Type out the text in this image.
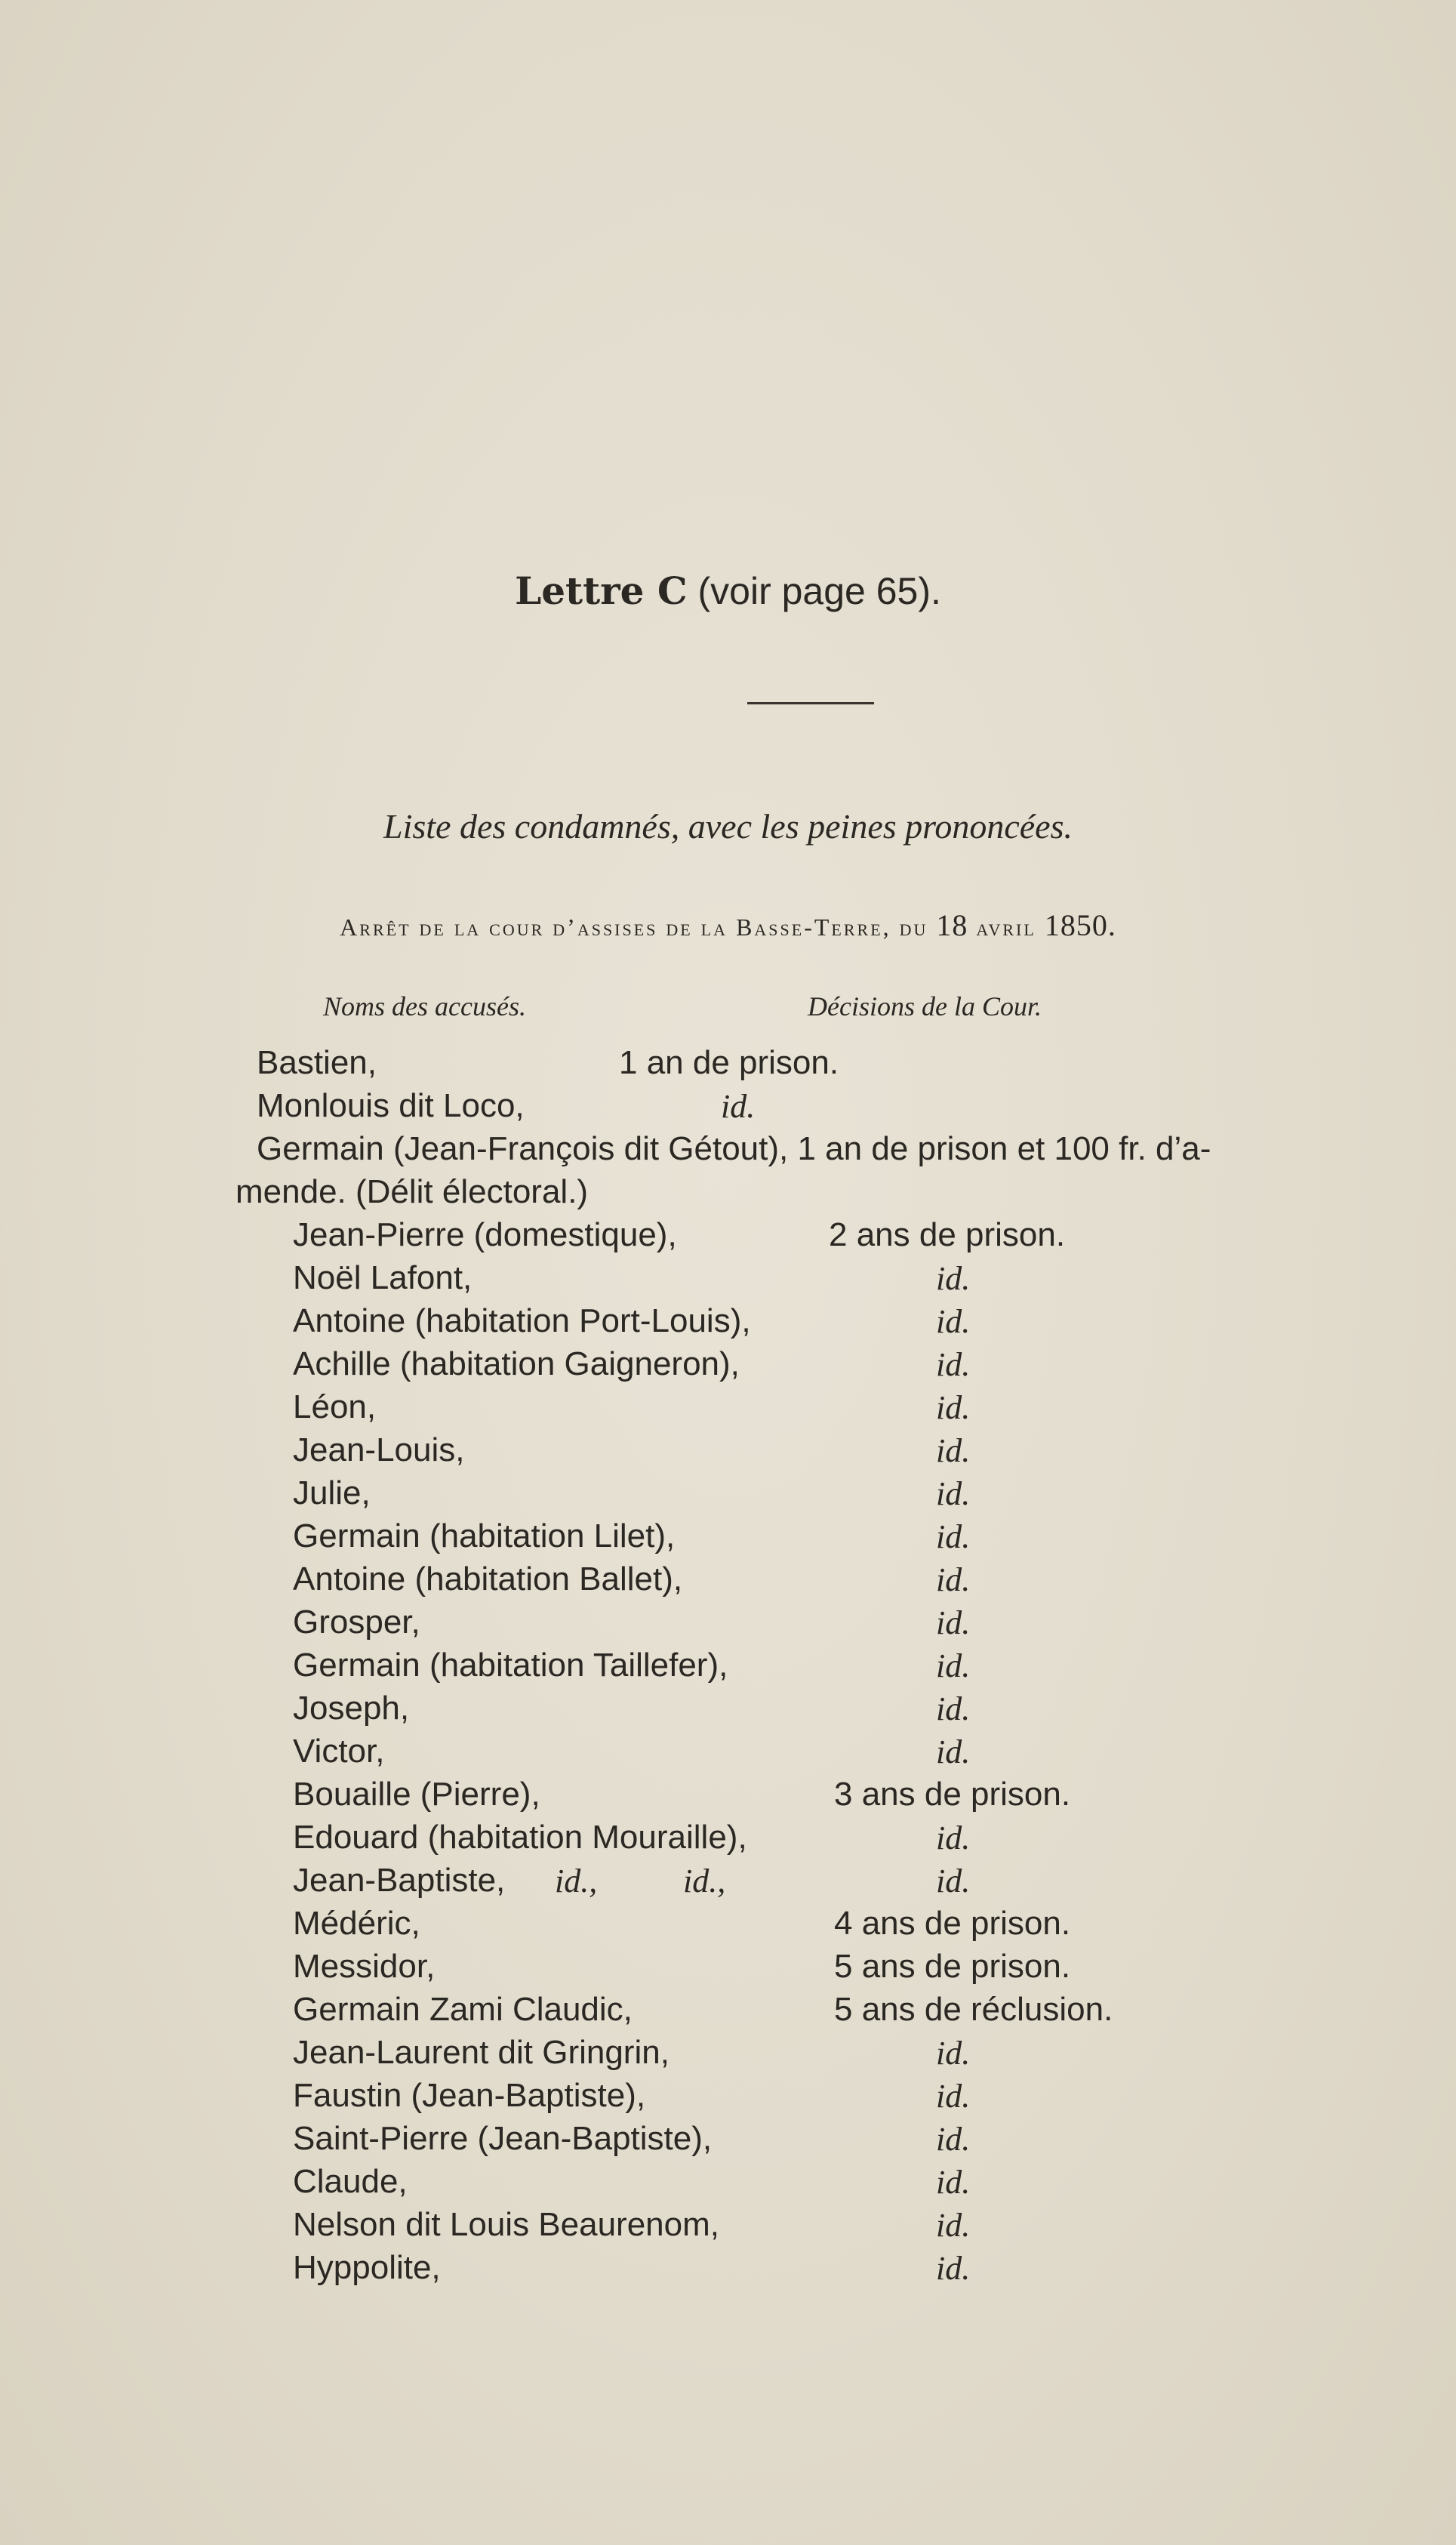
Lettre C (voir page 65).
Liste des condamnés, avec les peines prononcées.
Arrêt de la cour d’assises de la Basse-Terre, du 18 avril 1850.
Noms des accusés.	Décisions de la Cour.
Bastien,	1 an de prison.
Monlouis dit Loco,	id.
Germain (Jean-François dit Gétout), 1 an de prison et 100 fr. d’a-
mende. (Délit électoral.)
Jean-Pierre (domestique),	2 ans de prison.
Noël Lafont,	id.
Antoine (habitation Port-Louis),	id.
Achille (habitation Gaigneron),	id.
Léon,	id.
Jean-Louis,	id.
Julie,	id.
Germain (habitation Lilet),	id.
Antoine (habitation Ballet),	id.
Grosper,	id.
Germain (habitation Taillefer),	id.
Joseph,	id.
Victor,	id.
Bouaille (Pierre),	3 ans de prison.
Edouard (habitation Mouraille),	id.
Jean-Baptiste, id.,	id.,	id.
Médéric,	4 ans de prison.
Messidor,	5 ans de prison.
Germain Zami Claudic,	5 ans de réclusion.
Jean-Laurent dit Gringrin,	id.
Faustin (Jean-Baptiste),	id.
Saint-Pierre (Jean-Baptiste),	id.
Claude,	id.
Nelson dit Louis Beaurenom,	id.
Hyppolite,	id.
